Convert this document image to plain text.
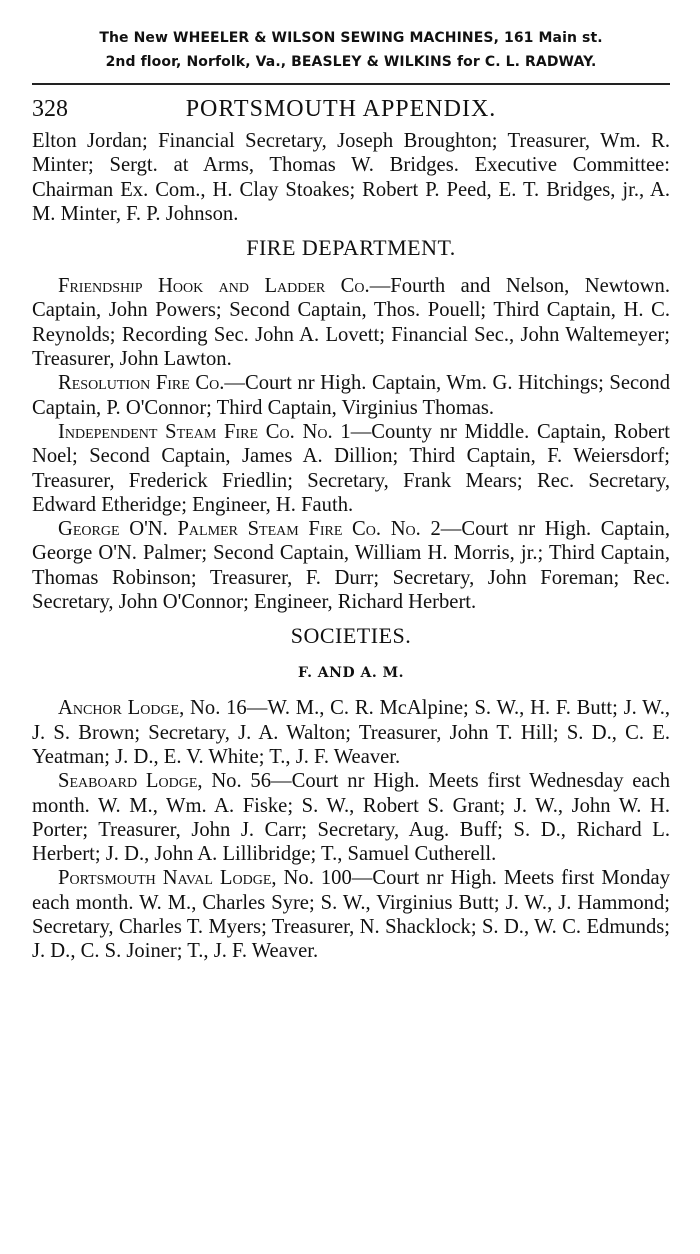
The New WHEELER & WILSON SEWING MACHINES, 161 Main st.
2nd floor, Norfolk, Va., BEASLEY & WILKINS for C. L. RADWAY.
328	PORTSMOUTH APPENDIX.

Elton Jordan; Financial Secretary, Joseph Broughton; Treasurer, Wm. R. Minter; Sergt. at Arms, Thomas W. Bridges. Executive Committee: Chairman Ex. Com., H. Clay Stoakes; Robert P. Peed, E. T. Bridges, jr., A. M. Minter, F. P. Johnson.

FIRE DEPARTMENT.

Friendship Hook and Ladder Co.—Fourth and Nelson, Newtown. Captain, John Powers; Second Captain, Thos. Pouell; Third Captain, H. C. Reynolds; Recording Sec. John A. Lovett; Financial Sec., John Waltemeyer; Treasurer, John Lawton.

Resolution Fire Co.—Court nr High. Captain, Wm. G. Hitchings; Second Captain, P. O'Connor; Third Captain, Virginius Thomas.

Independent Steam Fire Co. No. 1—County nr Middle. Captain, Robert Noel; Second Captain, James A. Dillion; Third Captain, F. Weiersdorf; Treasurer, Frederick Friedlin; Secretary, Frank Mears; Rec. Secretary, Edward Etheridge; Engineer, H. Fauth.

George O'N. Palmer Steam Fire Co. No. 2—Court nr High. Captain, George O'N. Palmer; Second Captain, William H. Morris, jr.; Third Captain, Thomas Robinson; Treasurer, F. Durr; Secretary, John Foreman; Rec. Secretary, John O'Connor; Engineer, Richard Herbert.

SOCIETIES.
F. AND A. M.

Anchor Lodge, No. 16—W. M., C. R. McAlpine; S. W., H. F. Butt; J. W., J. S. Brown; Secretary, J. A. Walton; Treasurer, John T. Hill; S. D., C. E. Yeatman; J. D., E. V. White; T., J. F. Weaver.

Seaboard Lodge, No. 56—Court nr High. Meets first Wednesday each month. W. M., Wm. A. Fiske; S. W., Robert S. Grant; J. W., John W. H. Porter; Treasurer, John J. Carr; Secretary, Aug. Buff; S. D., Richard L. Herbert; J. D., John A. Lillibridge; T., Samuel Cutherell.

Portsmouth Naval Lodge, No. 100—Court nr High. Meets first Monday each month. W. M., Charles Syre; S. W., Virginius Butt; J. W., J. Hammond; Secretary, Charles T. Myers; Treasurer, N. Shacklock; S. D., W. C. Edmunds; J. D., C. S. Joiner; T., J. F. Weaver.
